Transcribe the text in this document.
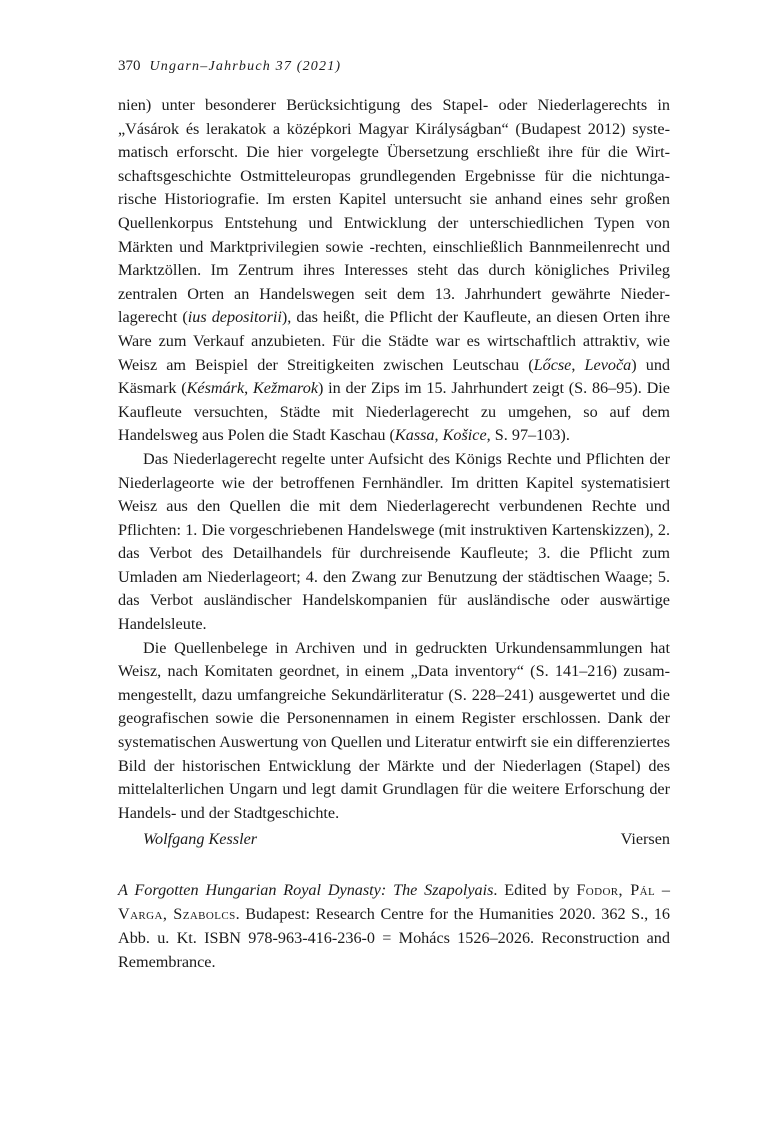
370 Ungarn–Jahrbuch 37 (2021)

nien) unter besonderer Berücksichtigung des Stapel- oder Niederlagerechts in „Vásárok és lerakatok a középkori Magyar Királyságban“ (Budapest 2012) systematisch erforscht. Die hier vorgelegte Übersetzung erschließt ihre für die Wirtschaftsgeschichte Ostmitteleuropas grundlegenden Ergebnisse für die nichtungarische Historiografie. Im ersten Kapitel untersucht sie anhand eines sehr großen Quellenkorpus Entstehung und Entwicklung der unterschiedlichen Typen von Märkten und Marktprivilegien sowie -rechten, einschließlich Bannmeilenrecht und Marktzöllen. Im Zentrum ihres Interesses steht das durch königliches Privileg zentralen Orten an Handelswegen seit dem 13. Jahrhundert gewährte Niederlagerecht (ius depositorii), das heißt, die Pflicht der Kaufleute, an diesen Orten ihre Ware zum Verkauf anzubieten. Für die Städte war es wirtschaftlich attraktiv, wie Weisz am Beispiel der Streitigkeiten zwischen Leutschau (Lőcse, Levoča) und Käsmark (Késmárk, Kežmarok) in der Zips im 15. Jahrhundert zeigt (S. 86–95). Die Kaufleute versuchten, Städte mit Niederlagerecht zu umgehen, so auf dem Handelsweg aus Polen die Stadt Kaschau (Kassa, Košice, S. 97–103).

Das Niederlagerecht regelte unter Aufsicht des Königs Rechte und Pflichten der Niederlageorte wie der betroffenen Fernhändler. Im dritten Kapitel systematisiert Weisz aus den Quellen die mit dem Niederlagerecht verbundenen Rechte und Pflichten: 1. Die vorgeschriebenen Handelswege (mit instruktiven Kartenskizzen), 2. das Verbot des Detailhandels für durchreisende Kaufleute; 3. die Pflicht zum Umladen am Niederlageort; 4. den Zwang zur Benutzung der städtischen Waage; 5. das Verbot ausländischer Handelskompanien für ausländische oder auswärtige Handelsleute.

Die Quellenbelege in Archiven und in gedruckten Urkundensammlungen hat Weisz, nach Komitaten geordnet, in einem „Data inventory“ (S. 141–216) zusammengestellt, dazu umfangreiche Sekundärliteratur (S. 228–241) ausgewertet und die geografischen sowie die Personennamen in einem Register erschlossen. Dank der systematischen Auswertung von Quellen und Literatur entwirft sie ein differenziertes Bild der historischen Entwicklung der Märkte und der Niederlagen (Stapel) des mittelalterlichen Ungarn und legt damit Grundlagen für die weitere Erforschung der Handels- und der Stadtgeschichte.

Wolfgang Kessler	Viersen
A Forgotten Hungarian Royal Dynasty: The Szapolyais. Edited by Fodor, Pál – Varga, Szabolcs. Budapest: Research Centre for the Humanities 2020. 362 S., 16 Abb. u. Kt. ISBN 978-963-416-236-0 = Mohács 1526–2026. Reconstruction and Remembrance.
